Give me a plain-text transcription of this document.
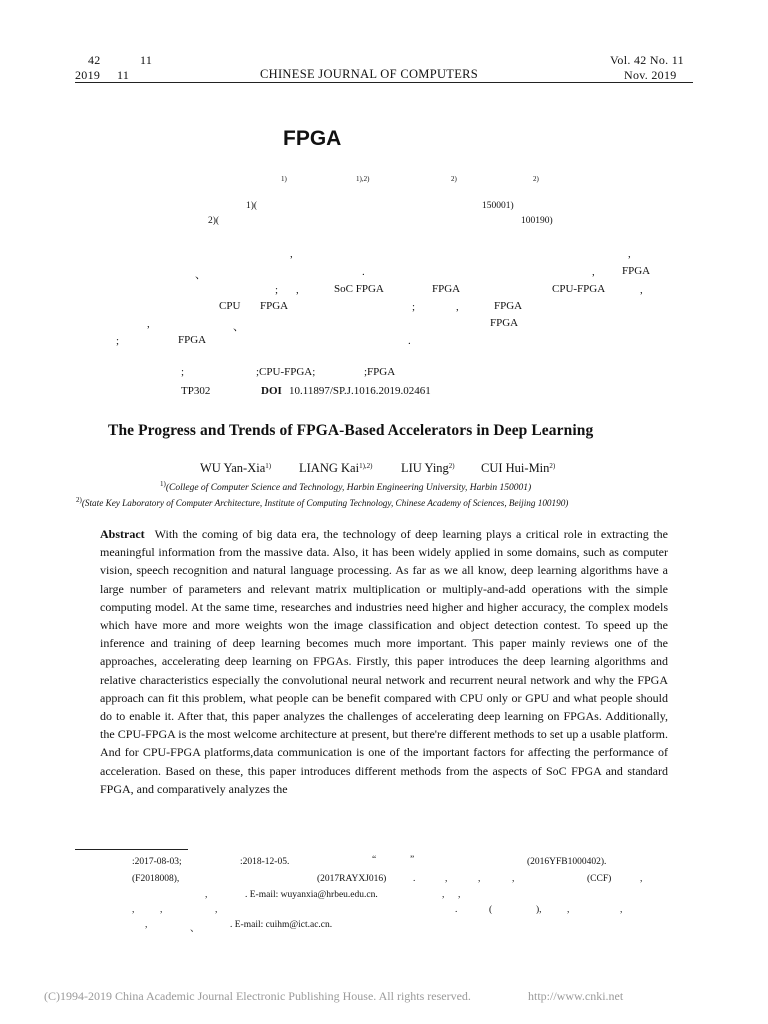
42	11
2019 11	CHINESE JOURNAL OF COMPUTERS
Vol. 42 No. 11
Nov. 2019
FPGA
1)	1),2)	2)	2)
1)(	150001)
2)(	100190)
,	,
、	.	, FPGA
; ,	SoC FPGA	FPGA	CPU-FPGA	,
CPU FPGA	;	,	FPGA
,	、	FPGA
;	FPGA	.
;	;CPU-FPGA;	;FPGA
TP302	DOI 10.11897/SP.J.1016.2019.02461
The Progress and Trends of FPGA-Based Accelerators in Deep Learning
WU Yan-Xia$^{1)}$ LIANG Kai$^{1),2)}$ LIU Ying$^{2)}$ CUI Hui-Min$^{2)}$
$^{1)}$(College of Computer Science and Technology, Harbin Engineering University, Harbin 150001)
$^{2)}$(State Key Laboratory of Computer Architecture, Institute of Computing Technology, Chinese Academy of Sciences, Beijing 100190)
Abstract With the coming of big data era, the technology of deep learning plays a critical role in extracting the meaningful information from the massive data. Also, it has been widely applied in some domains, such as computer vision, speech recognition and natural language processing. As far as we all know, deep learning algorithms have a large number of parameters and relevant matrix multiplication or multiply-and-add operations with the simple computing model. At the same time, researches and industries need higher and higher accuracy, the complex models which have more and more weights won the image classification and object detection contest. To speed up the inference and training of deep learning becomes much more important. This paper mainly reviews one of the approaches, accelerating deep learning on FPGAs. Firstly, this paper introduces the deep learning algorithms and relative characteristics especially the convolutional neural network and recurrent neural network and why the FPGA approach can fit this problem, what people can be benefit compared with CPU only or GPU and what people should do to enable it. After that, this paper analyzes the challenges of accelerating deep learning on FPGAs. Additionally, the CPU-FPGA is the most welcome architecture at present, but there're different methods to set up a usable platform. And for CPU-FPGA platforms,data communication is one of the important factors for affecting the performance of acceleration. Based on these, this paper introduces different methods from the aspects of SoC FPGA and standard FPGA, and comparatively analyzes the
:2017-08-03;	:2018-12-05.	“	”	(2016YFB1000402).
(F2018008),	(2017RAYXJ016)	.	,	,	,	(CCF)	,
,	. E-mail: wuyanxia@hrbeu.edu.cn.	, ,
,	,	,	.	(	),	,	,
,	、	. E-mail: cuihm@ict.ac.cn.
(C)1994-2019 China Academic Journal Electronic Publishing House. All rights reserved.	http://www.cnki.net
